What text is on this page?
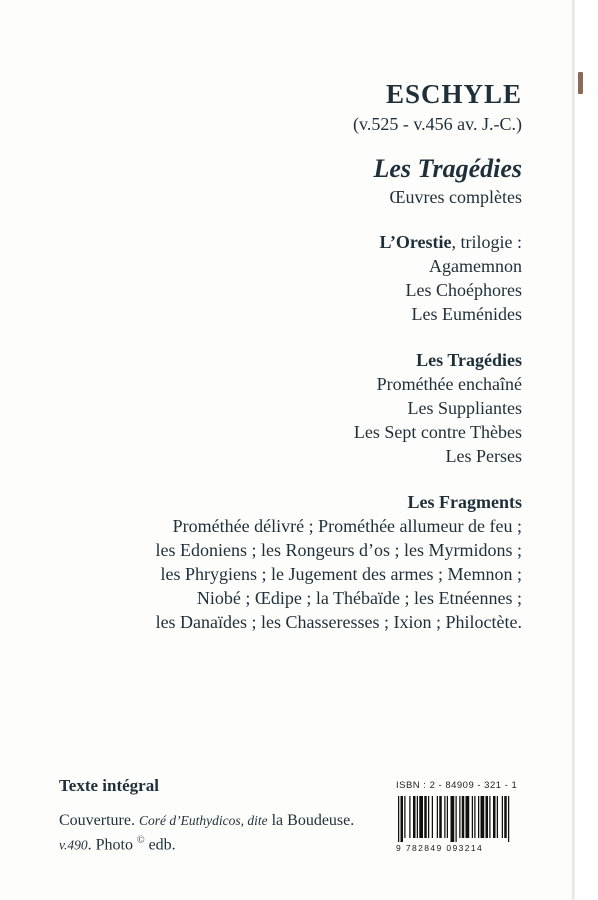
ESCHYLE
(v.525 - v.456 av. J.-C.)
Les Tragédies
Œuvres complètes
L’Orestie, trilogie :
Agamemnon
Les Choéphores
Les Euménides
Les Tragédies
Prométhée enchaîné
Les Suppliantes
Les Sept contre Thèbes
Les Perses
Les Fragments
Prométhée délivré ; Prométhée allumeur de feu ;
les Edoniens ; les Rongeurs d’os ; les Myrmidons ;
les Phrygiens ; le Jugement des armes ; Memnon ;
Niobé ; Œdipe ; la Thébaïde ; les Etnéennes ;
les Danaïdes ; les Chasseresses ; Ixion ; Philoctète.
Texte intégral
Couverture. Coré d’Euthydicos, dite la Boudeuse.
v.490. Photo © edb.
ISBN : 2 - 84909 - 321 - 1
9 782849 093214
